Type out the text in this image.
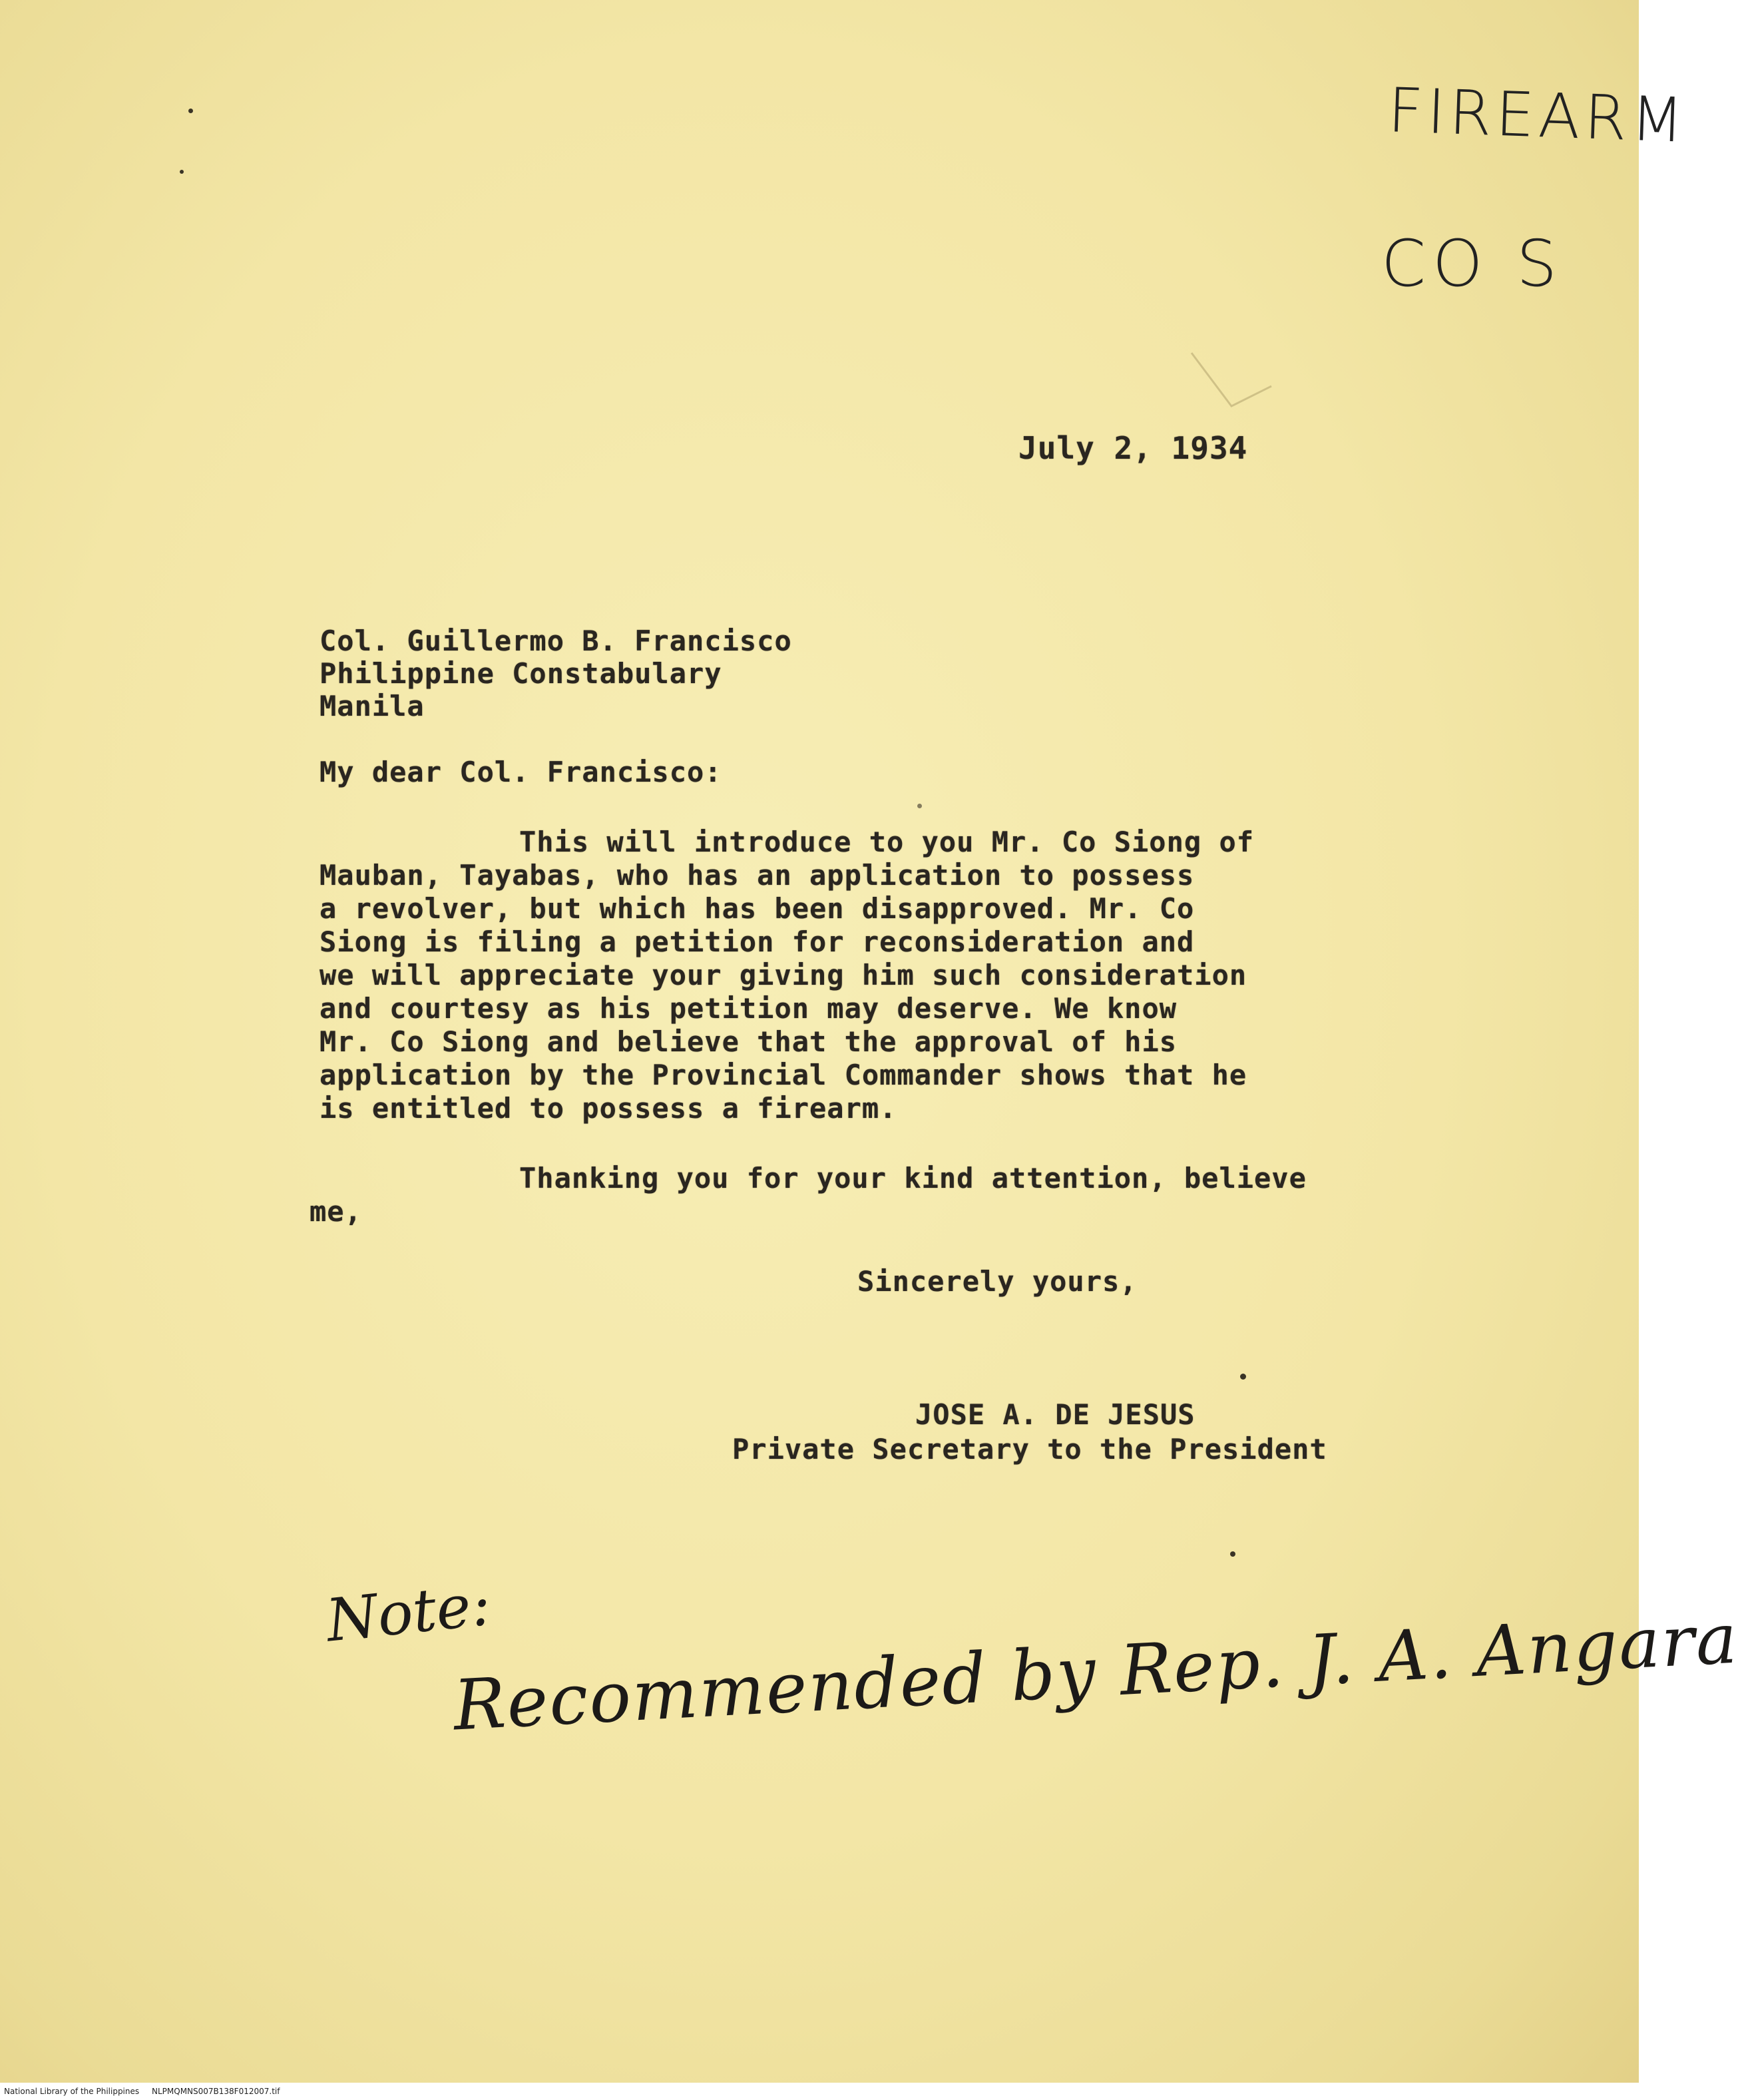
FIREARM
CO S
July 2, 1934
Col. Guillermo B. Francisco
Philippine Constabulary
Manila
My dear Col. Francisco:
This will introduce to you Mr. Co Siong of
Mauban, Tayabas, who has an application to possess
a revolver, but which has been disapproved. Mr. Co
Siong is filing a petition for reconsideration and
we will appreciate your giving him such consideration
and courtesy as his petition may deserve. We know
Mr. Co Siong and believe that the approval of his
application by the Provincial Commander shows that he
is entitled to possess a firearm.
Thanking you for your kind attention, believe
me,
Sincerely yours,
JOSE A. DE JESUS
Private Secretary to the President
Note:
Recommended by Rep. J. A. Angara
National Library of the Philippines NLPMQMNS007B138F012007.tif
